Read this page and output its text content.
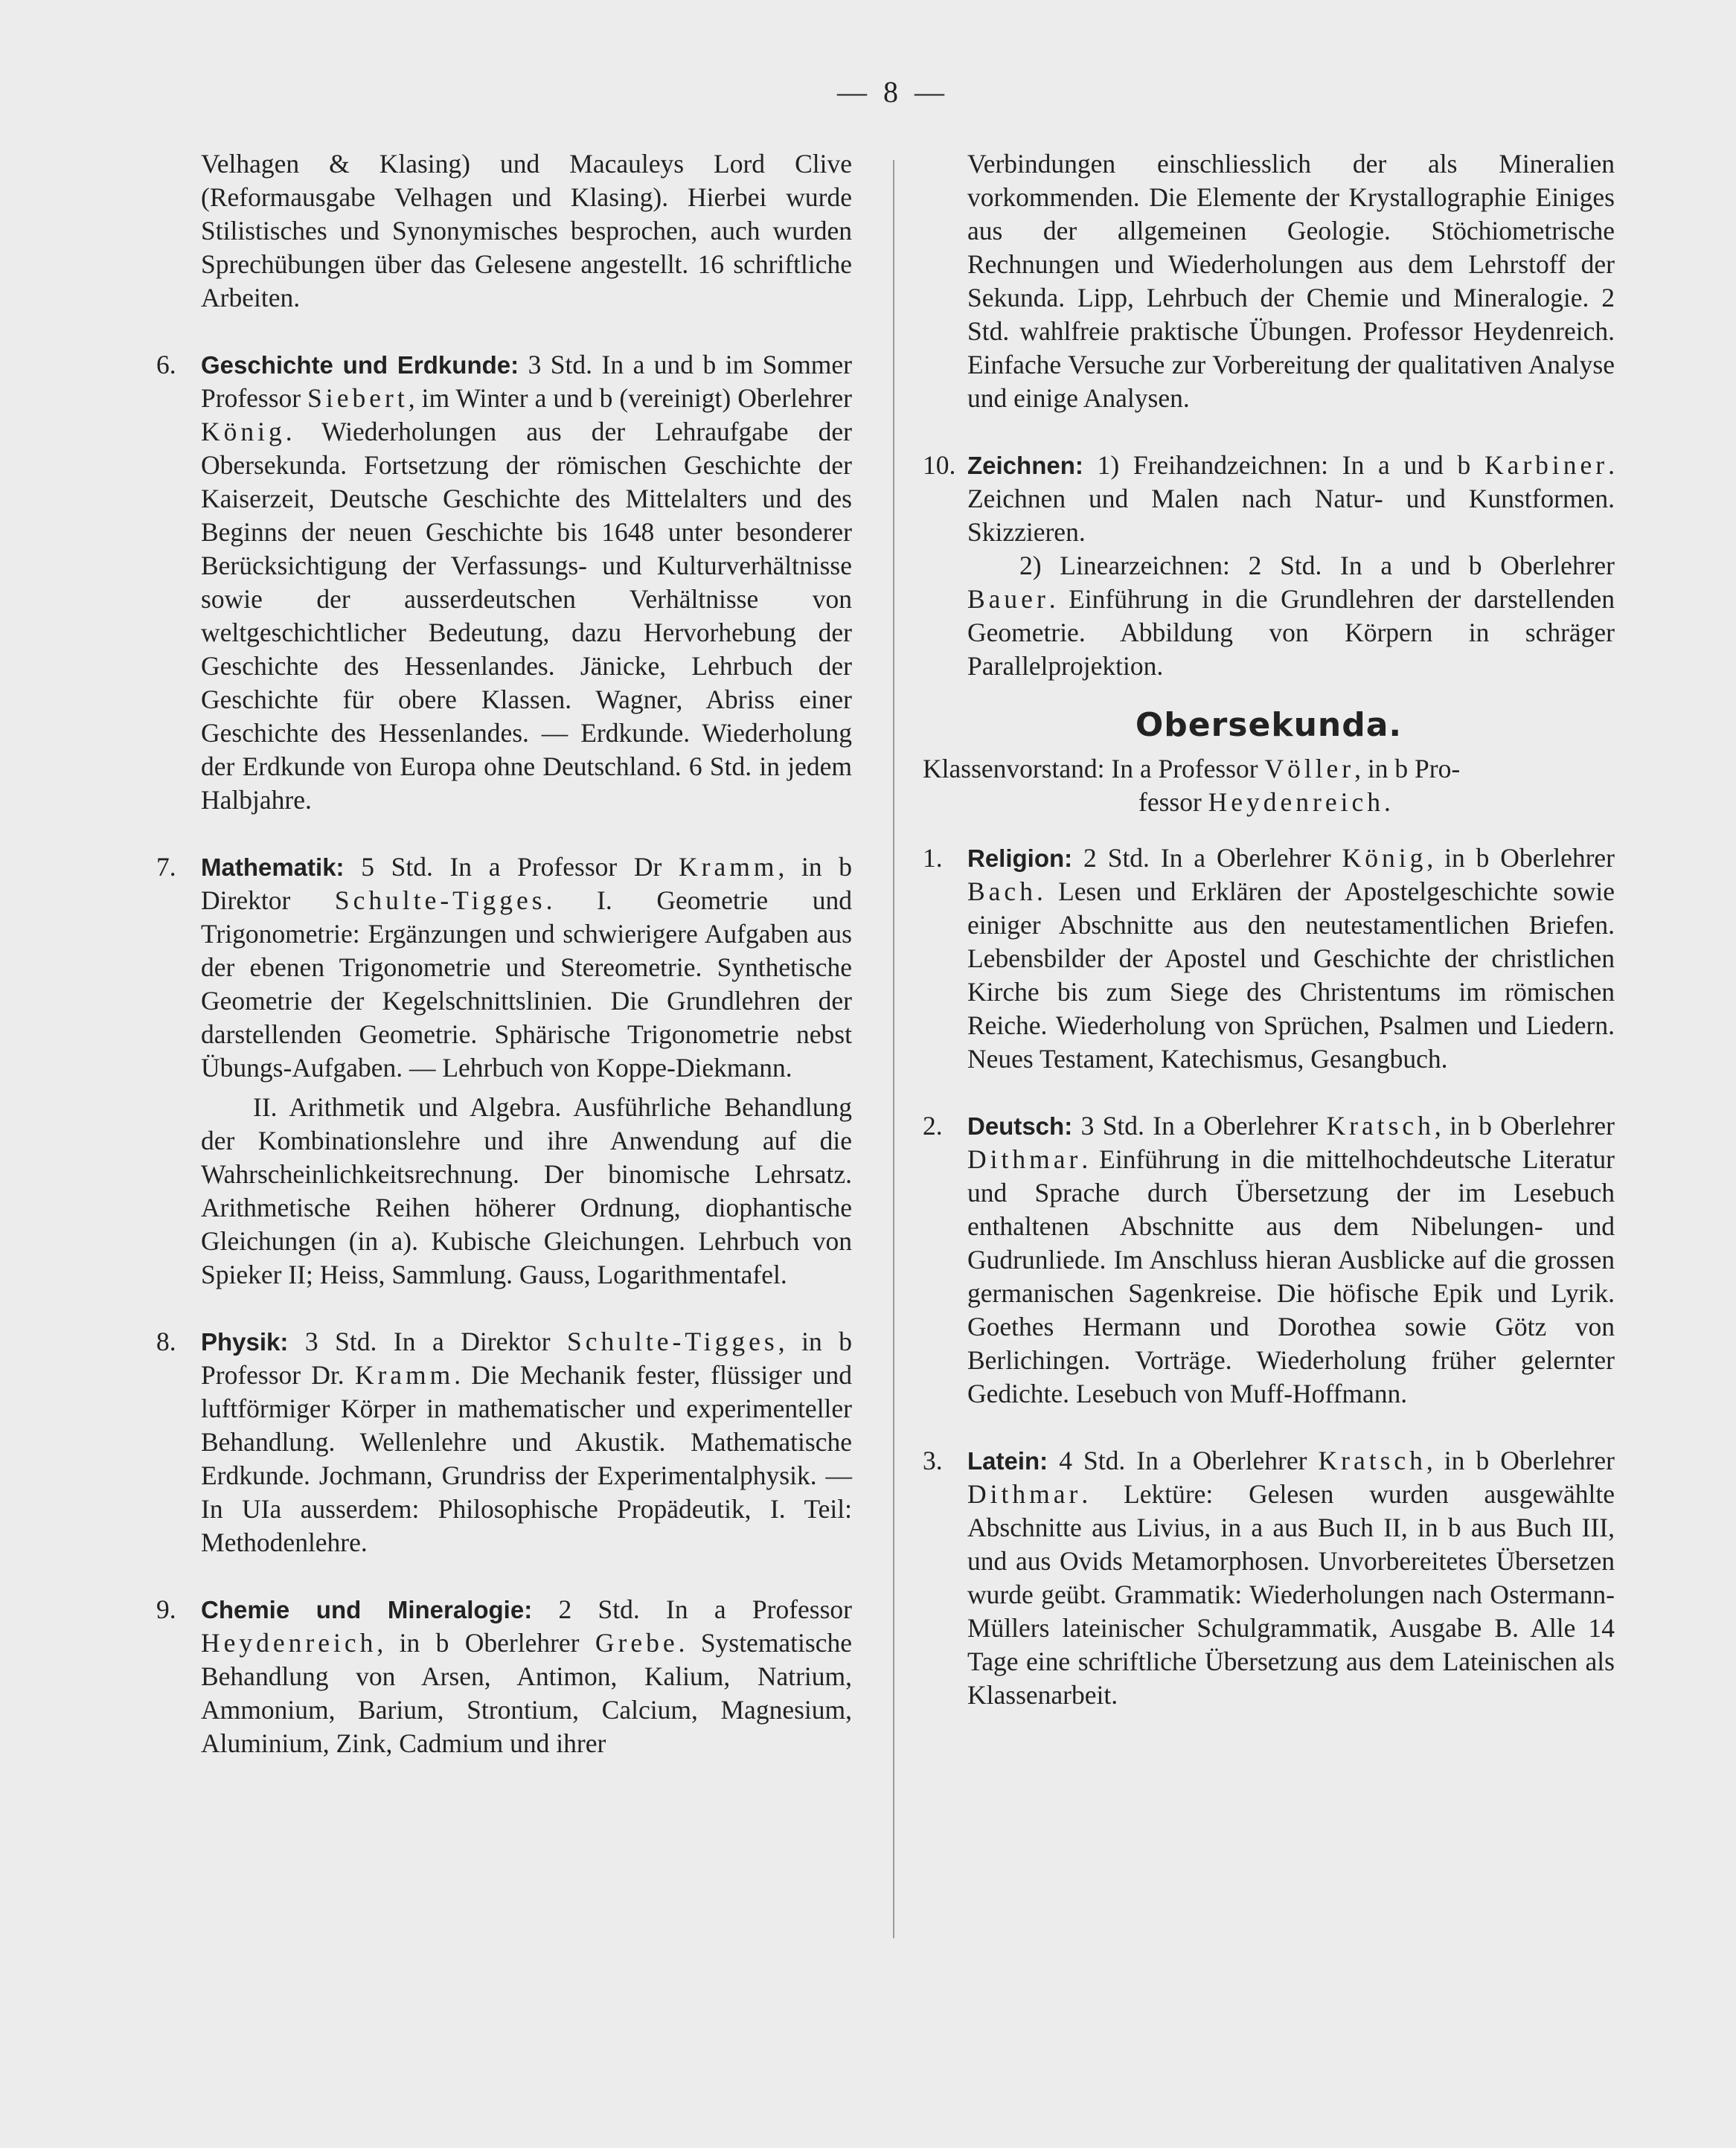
— 8 —

Velhagen & Klasing) und Macauleys Lord Clive (Reformausgabe Velhagen und Klasing). Hierbei wurde Stilistisches und Synonymisches besprochen, auch wurden Sprechübungen über das Gelesene angestellt. 16 schriftliche Arbeiten.

6.	Geschichte und Erdkunde: 3 Std. In a und b im Sommer Professor Siebert, im Winter a und b (vereinigt) Oberlehrer König. Wiederholungen aus der Lehraufgabe der Obersekunda. Fortsetzung der römischen Geschichte der Kaiserzeit, Deutsche Geschichte des Mittelalters und des Beginns der neuen Geschichte bis 1648 unter besonderer Berücksichtigung der Verfassungs- und Kulturverhältnisse sowie der ausserdeutschen Verhältnisse von weltgeschichtlicher Bedeutung, dazu Hervorhebung der Geschichte des Hessenlandes. Jänicke, Lehrbuch der Geschichte für obere Klassen. Wagner, Abriss einer Geschichte des Hessenlandes. — Erdkunde. Wiederholung der Erdkunde von Europa ohne Deutschland. 6 Std. in jedem Halbjahre.

7.	Mathematik: 5 Std. In a Professor Dr Kramm, in b Direktor Schulte-Tigges. I. Geometrie und Trigonometrie: Ergänzungen und schwierigere Aufgaben aus der ebenen Trigonometrie und Stereometrie. Synthetische Geometrie der Kegelschnittslinien. Die Grundlehren der darstellenden Geometrie. Sphärische Trigonometrie nebst Übungs-Aufgaben. — Lehrbuch von Koppe-Diekmann.

II. Arithmetik und Algebra. Ausführliche Behandlung der Kombinationslehre und ihre Anwendung auf die Wahrscheinlichkeitsrechnung. Der binomische Lehrsatz. Arithmetische Reihen höherer Ordnung, diophantische Gleichungen (in a). Kubische Gleichungen. Lehrbuch von Spieker II; Heiss, Sammlung. Gauss, Logarithmentafel.

8.	Physik: 3 Std. In a Direktor Schulte-Tigges, in b Professor Dr. Kramm. Die Mechanik fester, flüssiger und luftförmiger Körper in mathematischer und experimenteller Behandlung. Wellenlehre und Akustik. Mathematische Erdkunde. Jochmann, Grundriss der Experimentalphysik. — In UIa ausserdem: Philosophische Propädeutik, I. Teil: Methodenlehre.

9.	Chemie und Mineralogie: 2 Std. In a Professor Heydenreich, in b Oberlehrer Grebe. Systematische Behandlung von Arsen, Antimon, Kalium, Natrium, Ammonium, Barium, Strontium, Calcium, Magnesium, Aluminium, Zink, Cadmium und ihrer

Verbindungen einschliesslich der als Mineralien vorkommenden. Die Elemente der Krystallographie Einiges aus der allgemeinen Geologie. Stöchiometrische Rechnungen und Wiederholungen aus dem Lehrstoff der Sekunda. Lipp, Lehrbuch der Chemie und Mineralogie. 2 Std. wahlfreie praktische Übungen. Professor Heydenreich. Einfache Versuche zur Vorbereitung der qualitativen Analyse und einige Analysen.

10. Zeichnen: 1) Freihandzeichnen: In a und b Karbiner. Zeichnen und Malen nach Natur- und Kunstformen. Skizzieren.

2) Linearzeichnen: 2 Std. In a und b Oberlehrer Bauer. Einführung in die Grundlehren der darstellenden Geometrie. Abbildung von Körpern in schräger Parallelprojektion.

Obersekunda.

Klassenvorstand: In a Professor Völler, in b Pro-

fessor Heydenreich.

1.	Religion: 2 Std. In a Oberlehrer König, in b Oberlehrer Bach. Lesen und Erklären der Apostelgeschichte sowie einiger Abschnitte aus den neutestamentlichen Briefen. Lebensbilder der Apostel und Geschichte der christlichen Kirche bis zum Siege des Christentums im römischen Reiche. Wiederholung von Sprüchen, Psalmen und Liedern. Neues Testament, Katechismus, Gesangbuch.

2.	Deutsch: 3 Std. In a Oberlehrer Kratsch, in b Oberlehrer Dithmar. Einführung in die mittelhochdeutsche Literatur und Sprache durch Übersetzung der im Lesebuch enthaltenen Abschnitte aus dem Nibelungen- und Gudrunliede. Im Anschluss hieran Ausblicke auf die grossen germanischen Sagenkreise. Die höfische Epik und Lyrik. Goethes Hermann und Dorothea sowie Götz von Berlichingen. Vorträge. Wiederholung früher gelernter Gedichte. Lesebuch von Muff-Hoffmann.

3.	Latein: 4 Std. In a Oberlehrer Kratsch, in b Oberlehrer Dithmar. Lektüre: Gelesen wurden ausgewählte Abschnitte aus Livius, in a aus Buch II, in b aus Buch III, und aus Ovids Metamorphosen. Unvorbereitetes Übersetzen wurde geübt. Grammatik: Wiederholungen nach Ostermann-Müllers lateinischer Schulgrammatik, Ausgabe B. Alle 14 Tage eine schriftliche Übersetzung aus dem Lateinischen als Klassenarbeit.
